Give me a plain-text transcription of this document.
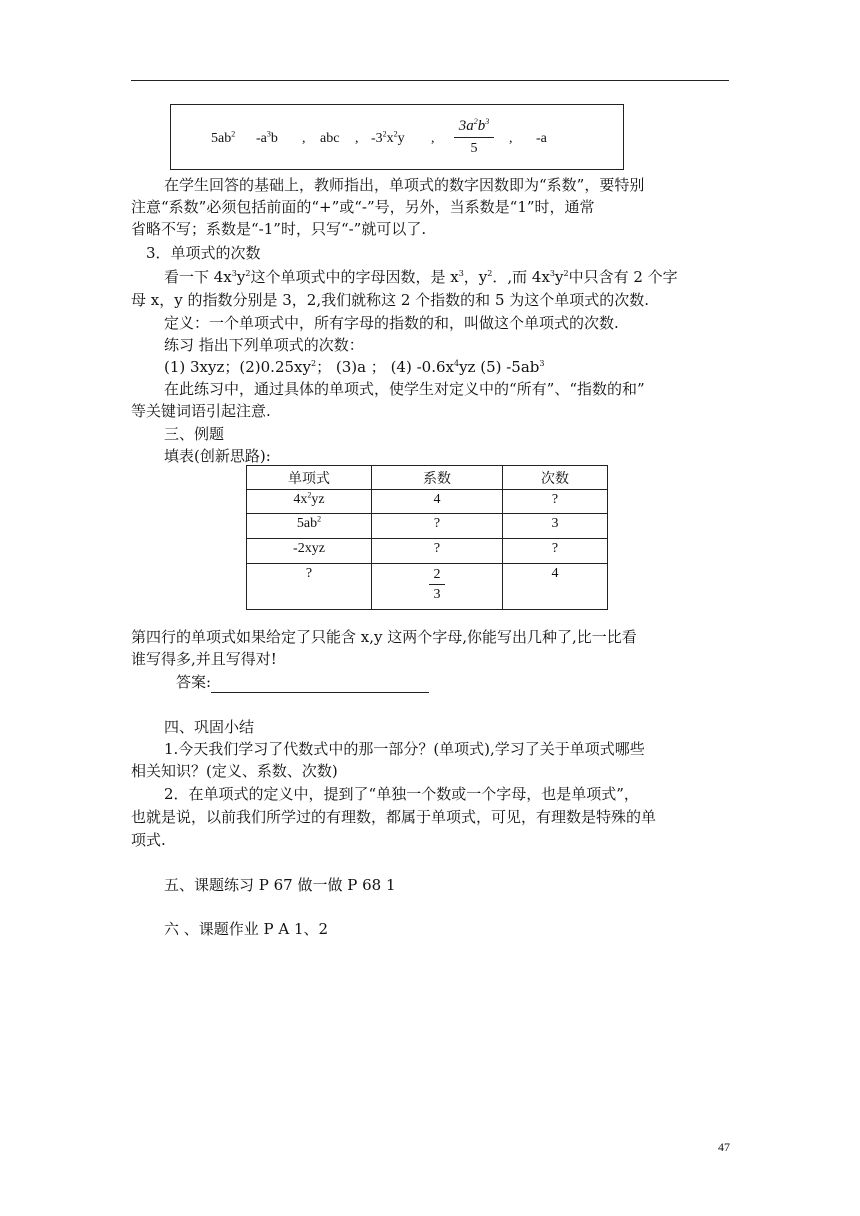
$5ab^2$ $-a^3b$ , abc , $-3^2x^2y$ ,
$3a^2b^3$
5
, -a
在学生回答的基础上，教师指出，单项式的数字因数即为“系数”，要特别
注意“系数”必须包括前面的“+”或“-”号，另外，当系数是“1”时，通常
省略不写；系数是“-1”时，只写“-”就可以了.
3．单项式的次数
看一下 $4x^3y^2$这个单项式中的字母因数，是 $x^3$，$y^2$．,而 $4x^3y^2$中只含有 2 个字
母 x，y 的指数分别是 3，2,我们就称这 2 个指数的和 5 为这个单项式的次数.
定义：一个单项式中，所有字母的指数的和，叫做这个单项式的次数.
练习 指出下列单项式的次数：
(1) 3xyz；$(2)0.25xy^2$； (3)a ； (4) $-0.6x^4yz$ (5) $-5ab^3$
在此练习中，通过具体的单项式，使学生对定义中的“所有”、“指数的和”
等关键词语引起注意.
三、例题
填表(创新思路):
单项式	系数	次数
$4x^2yz$	4	?
$5ab^2$	?	3
-2xyz	?	?
?	$\frac{2}{3}$	4
第四行的单项式如果给定了只能含 x,y 这两个字母,你能写出几种了,比一比看
谁写得多,并且写得对!
答案:
四、巩固小结
1.今天我们学习了代数式中的那一部分？(单项式),学习了关于单项式哪些
相关知识？(定义、系数、次数)
2．在单项式的定义中，提到了“单独一个数或一个字母，也是单项式”，
也就是说，以前我们所学过的有理数，都属于单项式，可见，有理数是特殊的单
项式.
五、课题练习 P 67 做一做 P 68 1
六 、课题作业 P A 1、2
47
